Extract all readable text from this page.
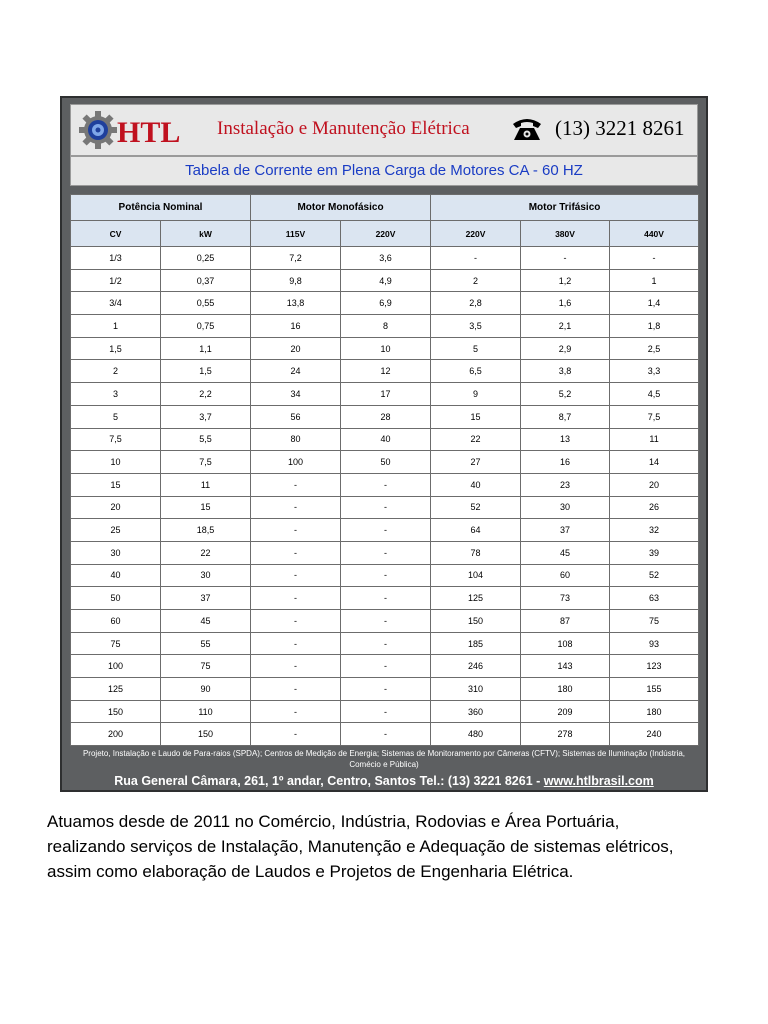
HTL Instalação e Manutenção Elétrica	(13) 3221 8261
Tabela de Corrente em Plena Carga de Motores CA - 60 HZ
Potência Nominal		Motor Monofásico		Motor Trifásico		
CV	kW	115V	220V	220V	380V	440V
1/3	0,25	7,2	3,6	-	-	-
1/2	0,37	9,8	4,9	2	1,2	1
3/4	0,55	13,8	6,9	2,8	1,6	1,4
1	0,75	16	8	3,5	2,1	1,8
1,5	1,1	20	10	5	2,9	2,5
2	1,5	24	12	6,5	3,8	3,3
3	2,2	34	17	9	5,2	4,5
5	3,7	56	28	15	8,7	7,5
7,5	5,5	80	40	22	13	11
10	7,5	100	50	27	16	14
15	11	-	-	40	23	20
20	15	-	-	52	30	26
25	18,5	-	-	64	37	32
30	22	-	-	78	45	39
40	30	-	-	104	60	52
50	37	-	-	125	73	63
60	45	-	-	150	87	75
75	55	-	-	185	108	93
100	75	-	-	246	143	123
125	90	-	-	310	180	155
150	110	-	-	360	209	180
200	150	-	-	480	278	240
Projeto, Instalação e Laudo de Para-raios (SPDA); Centros de Medição de Energia; Sistemas de Monitoramento por Câmeras (CFTV); Sistemas de Iluminação (Indústria, Comécio e Pública)
Rua General Câmara, 261, 1º andar, Centro, Santos Tel.: (13) 3221 8261 - www.htlbrasil.com

Atuamos desde de 2011 no Comércio, Indústria, Rodovias e Área Portuária,

realizando serviços de Instalação, Manutenção e Adequação de sistemas elétricos,

assim como elaboração de Laudos e Projetos de Engenharia Elétrica.
